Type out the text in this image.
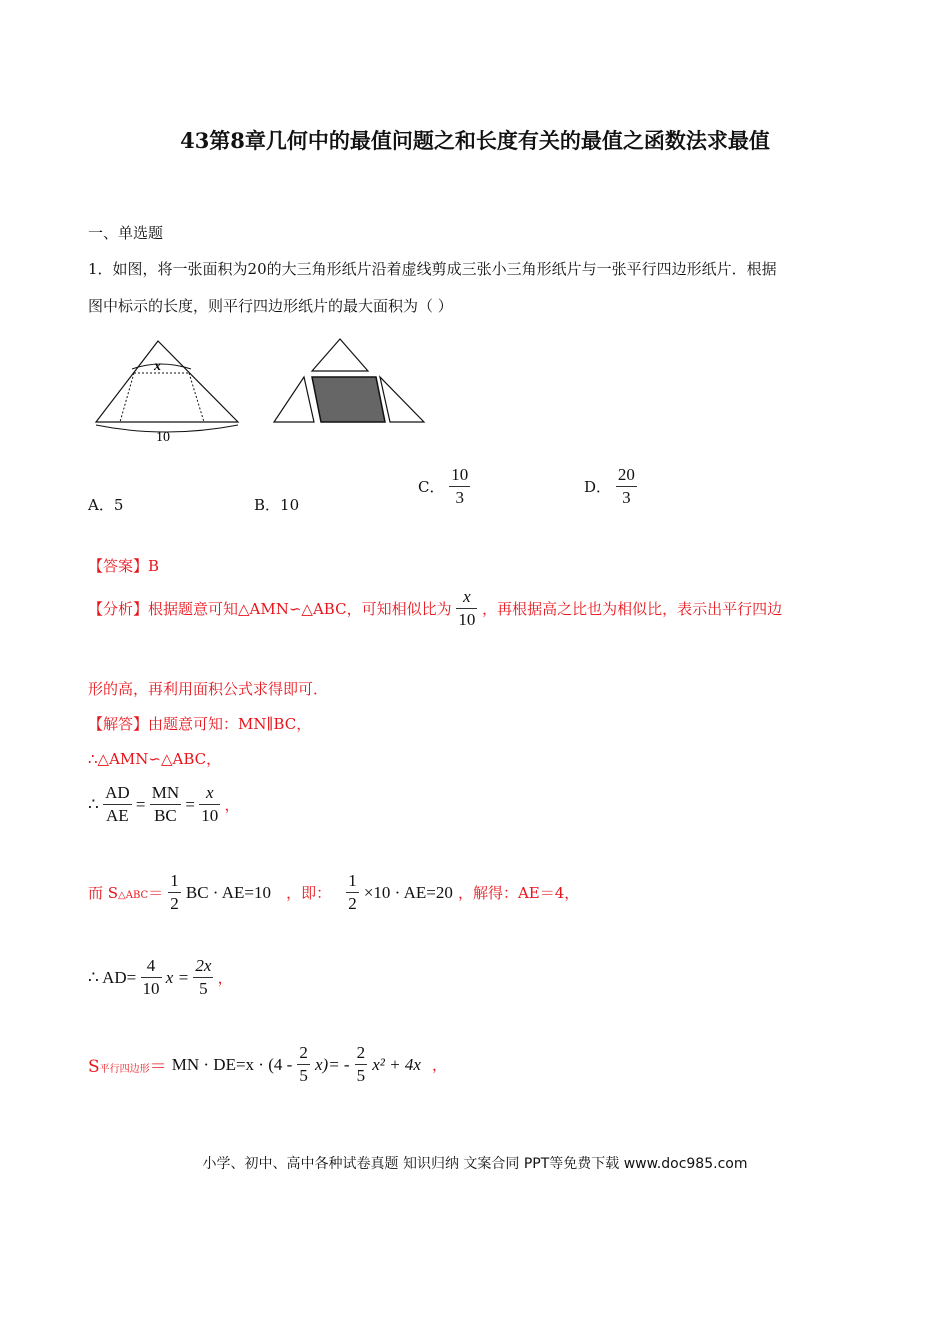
43第8章几何中的最值问题之和长度有关的最值之函数法求最值
一、单选题
1．如图，将一张面积为20的大三角形纸片沿着虚线剪成三张小三角形纸片与一张平行四边形纸片．根据
图中标示的长度，则平行四边形纸片的最大面积为（ ）
x
10
A．5	B．10
C． $\frac{10}{3}$	D． $\frac{20}{3}$
【答案】B
【分析】根据题意可知△AMN∽△ABC，可知相似比为 $\frac{x}{10}$ ，再根据高之比也为相似比，表示出平行四边
形的高，再利用面积公式求得即可．
【解答】由题意可知：MN∥BC，
∴△AMN∽△ABC，
∴ $\frac{AD}{AE} = \frac{MN}{BC} = \frac{x}{10}$ ，
而 S△ABC＝ $\frac{1}{2}$ BC · AE=10 ，即： $\frac{1}{2} \times 10 \cdot AE=20$ ，解得：AE＝4，
∴ $AD= \frac{4}{10}$ $x = \frac{2x}{5}$ ，
S平行四边形＝ MN · $DE=x \cdot (4 - \frac{2}{5} x)= - \frac{2}{5} x^2 + 4x$ ，
小学、初中、高中各种试卷真题 知识归纳 文案合同 PPT等免费下载 www.doc985.com
